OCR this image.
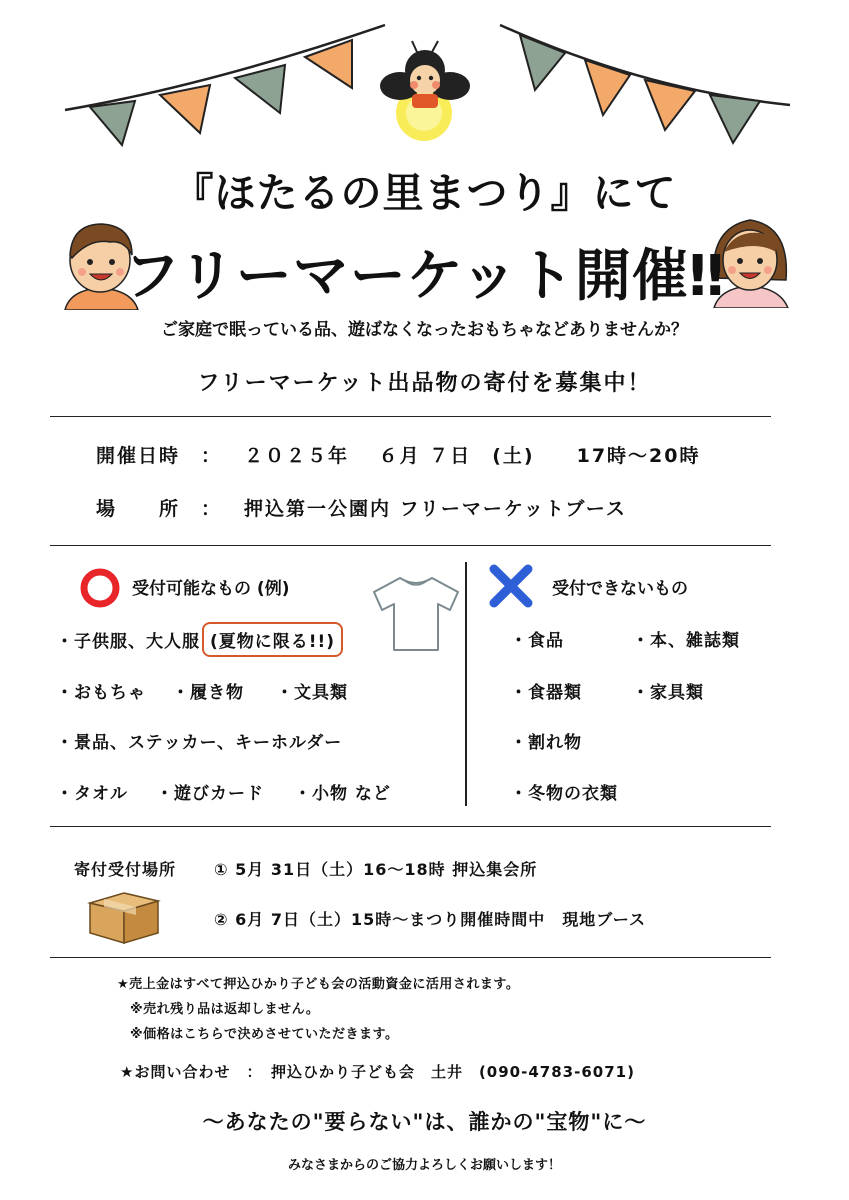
『ほたるの里まつり』にて
フリーマーケット開催‼
ご家庭で眠っている品、遊ばなくなったおもちゃなどありませんか？
フリーマーケット出品物の寄付を募集中！
開催日時　： ２０２５年　 ６月 ７日　(土)　　17時～20時
場　　所　： 押込第一公園内 フリーマーケットブース
受付可能なもの (例)
・子供服、大人服 (夏物に限る!!)
・おもちゃ ・履き物 ・文具類
・景品、ステッカー、キーホルダー
・タオル ・遊びカード ・小物 など
受付できないもの
・食品	・本、雑誌類
・食器類	・家具類
・割れ物
・冬物の衣類
寄付受付場所 ① 5月 31日（土）16～18時 押込集会所
② 6月 7日（土）15時～まつり開催時間中　現地ブース
★売上金はすべて押込ひかり子ども会の活動資金に活用されます。
※売れ残り品は返却しません。
※価格はこちらで決めさせていただきます。
★お問い合わせ　：　押込ひかり子ども会　土井　(090-4783-6071)
～あなたの"要らない"は、誰かの"宝物"に～
みなさまからのご協力よろしくお願いします！
